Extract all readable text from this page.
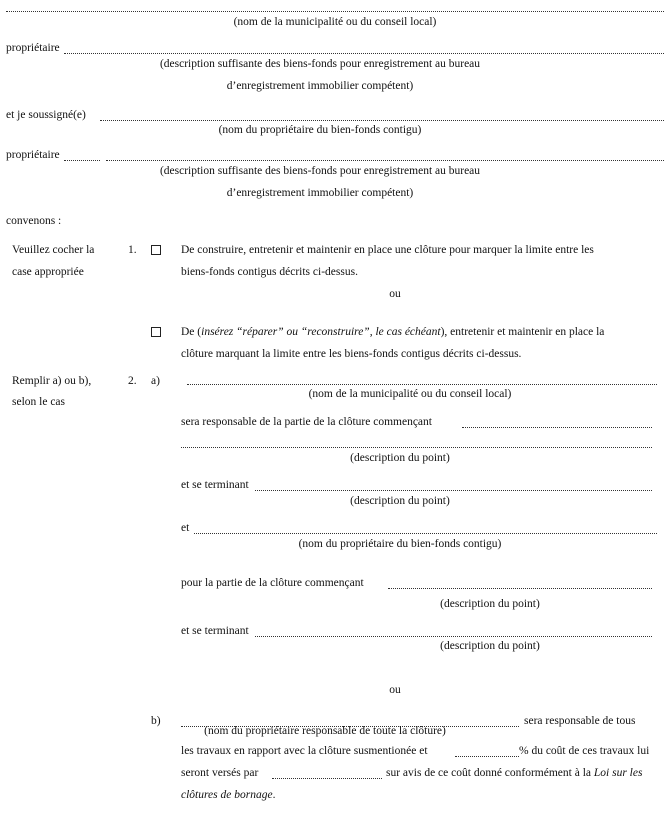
(nom de la municipalité ou du conseil local)
propriétaire
(description suffisante des biens-fonds pour enregistrement au bureau
d’enregistrement immobilier compétent)
et je soussigné(e)
(nom du propriétaire du bien-fonds contigu)
propriétaire
(description suffisante des biens-fonds pour enregistrement au bureau
d’enregistrement immobilier compétent)
convenons :
Veuillez cocher la
case appropriée
1.	De construire, entretenir et maintenir en place une clôture pour marquer la limite entre les
biens-fonds contigus décrits ci-dessus.
ou
De (insérez “réparer” ou “reconstruire”, le cas échéant), entretenir et maintenir en place la
clôture marquant la limite entre les biens-fonds contigus décrits ci-dessus.
Remplir a) ou b),
selon le cas
2. a)
(nom de la municipalité ou du conseil local)
sera responsable de la partie de la clôture commençant
(description du point)
et se terminant
(description du point)
et
(nom du propriétaire du bien-fonds contigu)
pour la partie de la clôture commençant
(description du point)
et se terminant
(description du point)
ou
b)	sera responsable de tous
(nom du propriétaire responsable de toute la clôture)
les travaux en rapport avec la clôture susmentionée et	% du coût de ces travaux lui
seront versés par	sur avis de ce coût donné conformément à la Loi sur les
clôtures de bornage.
